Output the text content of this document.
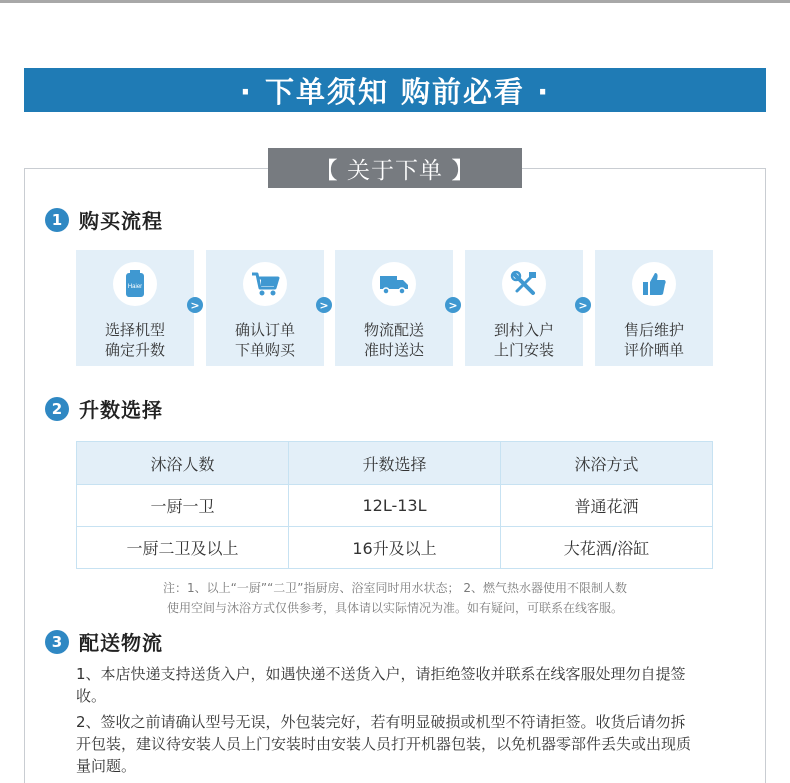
· 下单须知 购前必看 ·
【 关于下单 】
1 购买流程
Haier
选择机型
确定升数
>
确认订单
下单购买
>
物流配送
准时送达
>
到村入户
上门安装
>
售后维护
评价晒单
2 升数选择
沐浴人数	升数选择	沐浴方式
一厨一卫	12L-13L	普通花洒
一厨二卫及以上	16升及以上	大花洒/浴缸
注：1、以上“一厨”“二卫”指厨房、浴室同时用水状态； 2、燃气热水器使用不限制人数
使用空间与沐浴方式仅供参考，具体请以实际情况为准。如有疑问，可联系在线客服。
3 配送物流
1、本店快递支持送货入户，如遇快递不送货入户，请拒绝签收并联系在线客服处理勿自提签收。
2、签收之前请确认型号无误，外包装完好，若有明显破损或机型不符请拒签。收货后请勿拆开包装，建议待安装人员上门安装时由安装人员打开机器包装，以免机器零部件丢失或出现质量问题。
